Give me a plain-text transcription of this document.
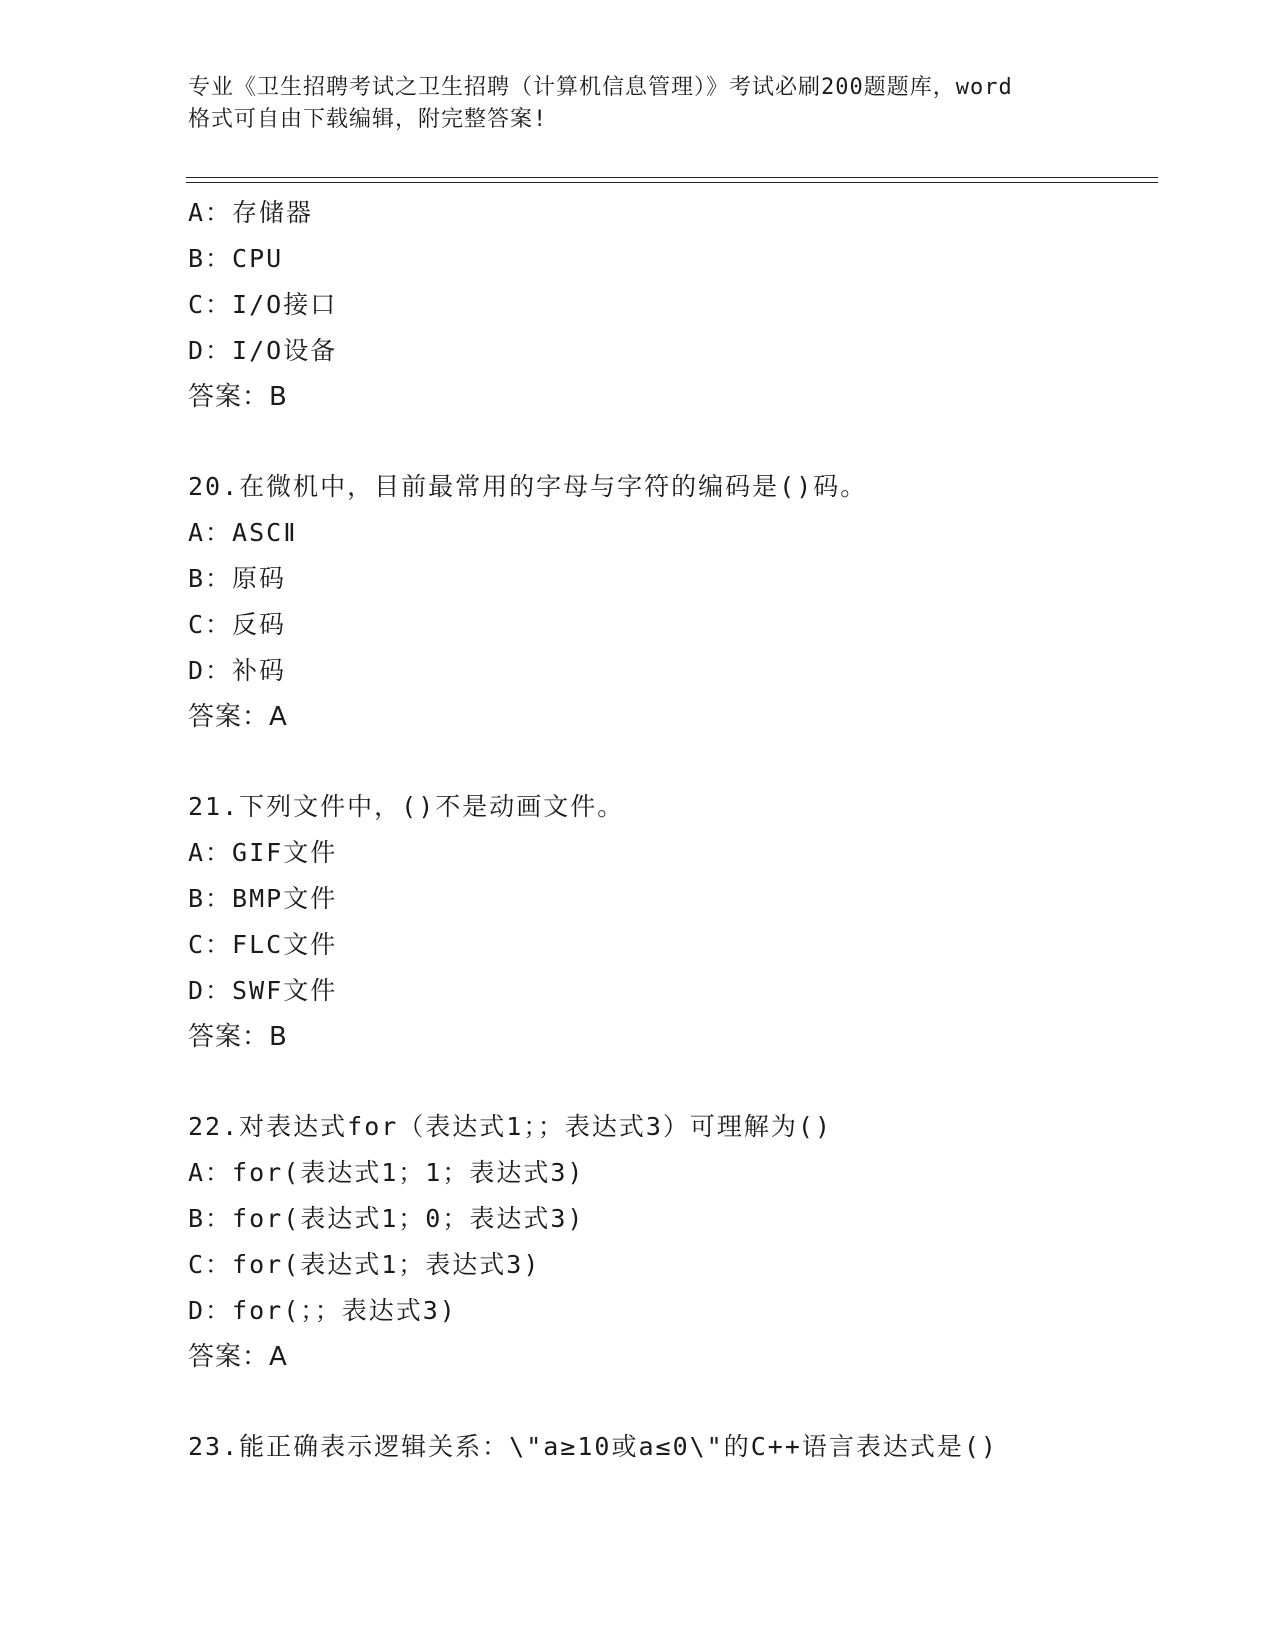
专业《卫生招聘考试之卫生招聘（计算机信息管理）》考试必刷200题题库，word
格式可自由下载编辑，附完整答案!
A：存储器
B：CPU
C：I/O接口
D：I/O设备
答案：B
20.在微机中，目前最常用的字母与字符的编码是()码。
A：ASCⅡ
B：原码
C：反码
D：补码
答案：A
21.下列文件中，()不是动画文件。
A：GIF文件
B：BMP文件
C：FLC文件
D：SWF文件
答案：B
22.对表达式for（表达式1；；表达式3）可理解为()
A：for(表达式1；1；表达式3)
B：for(表达式1；0；表达式3)
C：for(表达式1；表达式3)
D：for(；；表达式3)
答案：A
23.能正确表示逻辑关系：\"a≥10或a≤0\"的C++语言表达式是()
